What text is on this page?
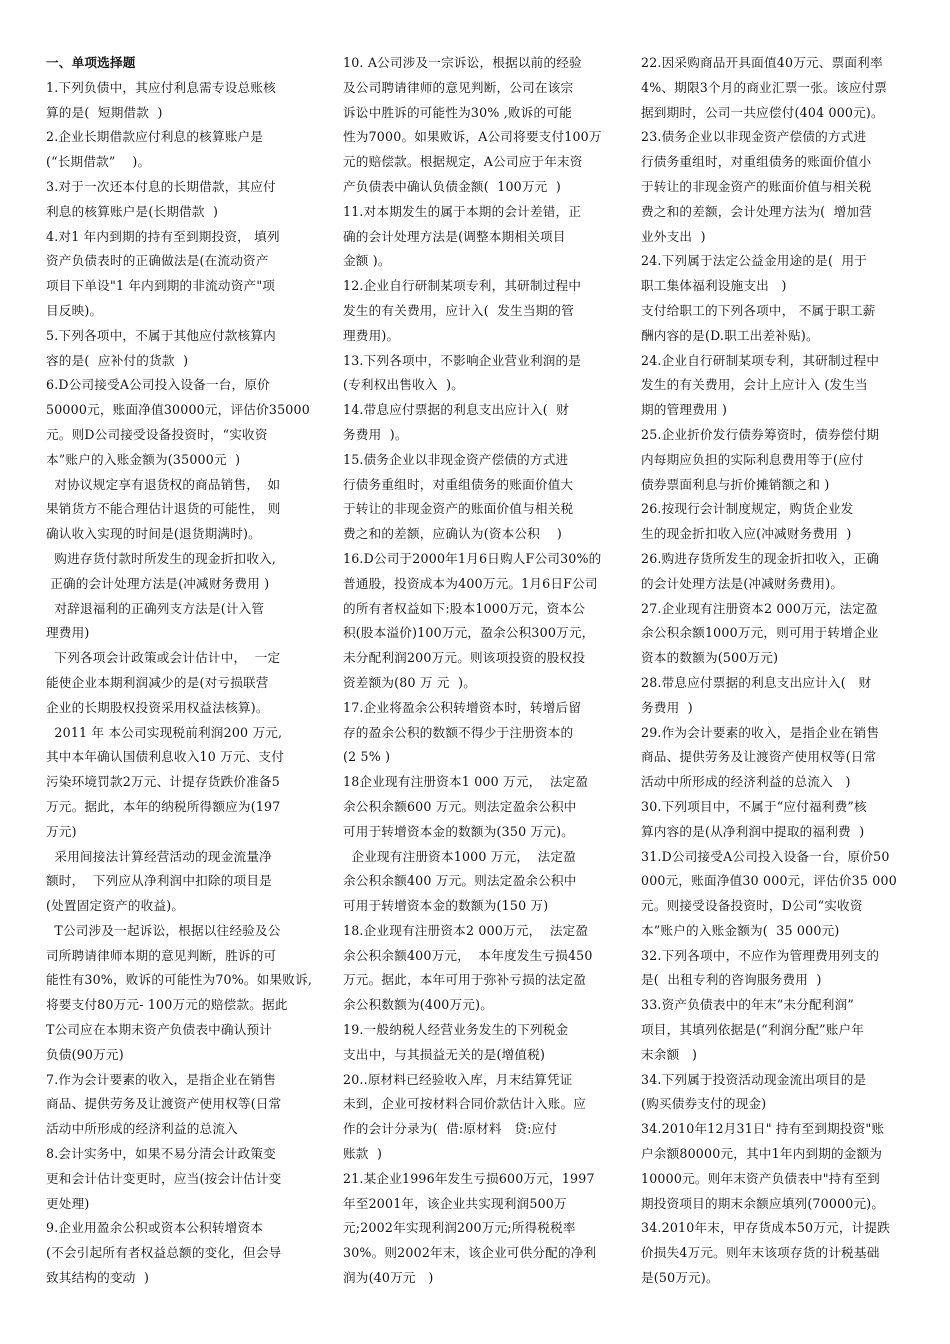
一、单项选择题
1.下列负债中，其应付利息需专设总账核
算的是(  短期借款  )
2.企业长期借款应付利息的核算账户是
(“长期借款”    )。
3.对于一次还本付息的长期借款，其应付
利息的核算账户是(长期借款  )
4.对1 年内到期的持有至到期投资， 填列
资产负债表时的正确做法是(在流动资产
项目下单设"1 年内到期的非流动资产"项
目反映)。
5.下列各项中，不属于其他应付款核算内
容的是(  应补付的货款  )
6.D公司接受A公司投入设备一台，原价
50000元，账面净值30000元，评估价35000
元。则D公司接受设备投资时，“实收资
本”账户的入账金额为(35000元  )
对协议规定享有退货权的商品销售，  如
果销货方不能合理估计退货的可能性， 则
确认收入实现的时间是(退货期满时)。
购进存货付款时所发生的现金折扣收入,
正确的会计处理方法是(冲减财务费用 )
对辞退福利的正确列支方法是(计入管
理费用)
下列各项会计政策或会计估计中，  一定
能使企业本期利润减少的是(对亏损联营
企业的长期股权投资采用权益法核算)。
2011 年 本公司实现税前利润200 万元,
其中本年确认国债利息收入10 万元、支付
污染环境罚款2万元、计提存货跌价准备5
万元。据此，本年的纳税所得额应为(197
万元)
采用间接法计算经营活动的现金流量净
额时，  下列应从净利润中扣除的项目是
(处置固定资产的收益)。
T公司涉及一起诉讼，根据以往经验及公
司所聘请律师本期的意见判断，胜诉的可
能性有30%，败诉的可能性为70%。如果败诉,
将要支付80万元- 100万元的赔偿款。据此
T公司应在本期末资产负债表中确认预计
负债(90万元)
7.作为会计要素的收入，是指企业在销售
商品、提供劳务及让渡资产使用权等(日常
活动中所形成的经济利益的总流入
8.会计实务中，如果不易分清会计政策变
更和会计估计变更时，应当(按会计估计变
更处理)
9.企业用盈余公积或资本公积转增资本
(不会引起所有者权益总额的变化，但会导
致其结构的变动  )
10. A公司涉及一宗诉讼，根据以前的经验
及公司聘请律师的意见判断，公司在该宗
诉讼中胜诉的可能性为30% ,败诉的可能
性为7000。如果败诉，A公司将要支付100万
元的赔偿款。根据规定，A公司应于年末资
产负债表中确认负债金额(  100万元  )
11.对本期发生的属于本期的会计差错，正
确的会计处理方法是(调整本期相关项目
金额 )。
12.企业自行研制某项专利，其研制过程中
发生的有关费用，应计入(  发生当期的管
理费用)。
13.下列各项中，不影响企业营业利润的是
(专利权出售收入  )。
14.带息应付票据的利息支出应计入(  财
务费用  )。
15.债务企业以非现金资产偿债的方式进
行债务重组时，对重组债务的账面价值大
于转让的非现金资产的账面价值与相关税
费之和的差额，应确认为(资本公积    )
16.D公司于2000年1月6日购人F公司30%的
普通股，投资成本为400万元。1月6日F公司
的所有者权益如下:股本1000万元，资本公
积(股本溢价)100万元，盈余公积300万元，
未分配利润200万元。则该项投资的股权投
资差额为(80 万 元  )。
17.企业将盈余公积转增资本时，转增后留
存的盈余公积的数额不得少于注册资本的
(2 5% )
18企业现有注册资本1 000 万元，  法定盈
余公积余额600 万元。则法定盈余公积中
可用于转增资本金的数额为(350 万元)。
企业现有注册资本1000 万元，  法定盈
余公积余额400 万元。则法定盈余公积中
可用于转增资本金的数额为(150 万)
18.企业现有注册资本2 000万元，  法定盈
余公积余额400万元，  本年度发生亏损450
万元。据此，本年可用于弥补亏损的法定盈
余公积数额为(400万元)。
19.一般纳税人经营业务发生的下列税金
支出中，与其损益无关的是(增值税)
20..原材料已经验收入库，月末结算凭证
未到，企业可按材料合同价款估计入账。应
作的会计分录为(  借:原材料   贷:应付
账款  )
21.某企业1996年发生亏损600万元，1997
年至2001年，该企业共实现利润500万
元;2002年实现利润200万元;所得税税率
30%。则2002年末，该企业可供分配的净利
润为(40万元   )
22.因采购商品开具面值40万元、票面利率
4%、期限3个月的商业汇票一张。该应付票
据到期时，公司一共应偿付(404 000元)。
23.债务企业以非现金资产偿债的方式进
行债务重组时，对重组债务的账面价值小
于转让的非现金资产的账面价值与相关税
费之和的差额，会计处理方法为(  增加营
业外支出  )
24.下列属于法定公益金用途的是(  用于
职工集体福利设施支出   )
支付给职工的下列各项中， 不属于职工薪
酬内容的是(D.职工出差补贴)。
24.企业自行研制某项专利，其研制过程中
发生的有关费用，会计上应计入 (发生当
期的管理费用 )
25.企业折价发行债券筹资时，债券偿付期
内每期应负担的实际利息费用等于(应付
债券票面利息与折价摊销额之和 )
26.按现行会计制度规定，购货企业发
生的现金折扣收入应(冲减财务费用  )
26.购进存货所发生的现金折扣收入，正确
的会计处理方法是(冲减财务费用)。
27.企业现有注册资本2 000万元，法定盈
余公积余额1000万元，则可用于转增企业
资本的数额为(500万元)
28.带息应付票据的利息支出应计入(   财
务费用  )
29.作为会计要素的收入，是指企业在销售
商品、提供劳务及让渡资产使用权等(日常
活动中所形成的经济利益的总流入   )
30.下列项目中，不属于“应付福利费”核
算内容的是(从净利润中提取的福利费  )
31.D公司接受A公司投入设备一台，原价50
000元，账面净值30 000元，评估价35 000
元。则接受设备投资时，D公司“实收资
本”账户的入账金额为(  35 000元)
32.下列各项中，不应作为管理费用列支的
是(  出租专利的咨询服务费用  )
33.资产负债表中的年末“未分配利润”
项目，其填列依据是(“利润分配”账户年
末余额   )
34.下列属于投资活动现金流出项目的是
(购买债券支付的现金)
34.2010年12月31日" 持有至到期投资"账
户余额80000元，其中1年内到期的金额为
10000元。则年末资产负债表中"持有至到
期投资项目的期末余额应填列(70000元)。
34.2010年末，甲存货成本50万元，计提跌
价损失4万元。则年末该项存货的计税基础
是(50万元)。
